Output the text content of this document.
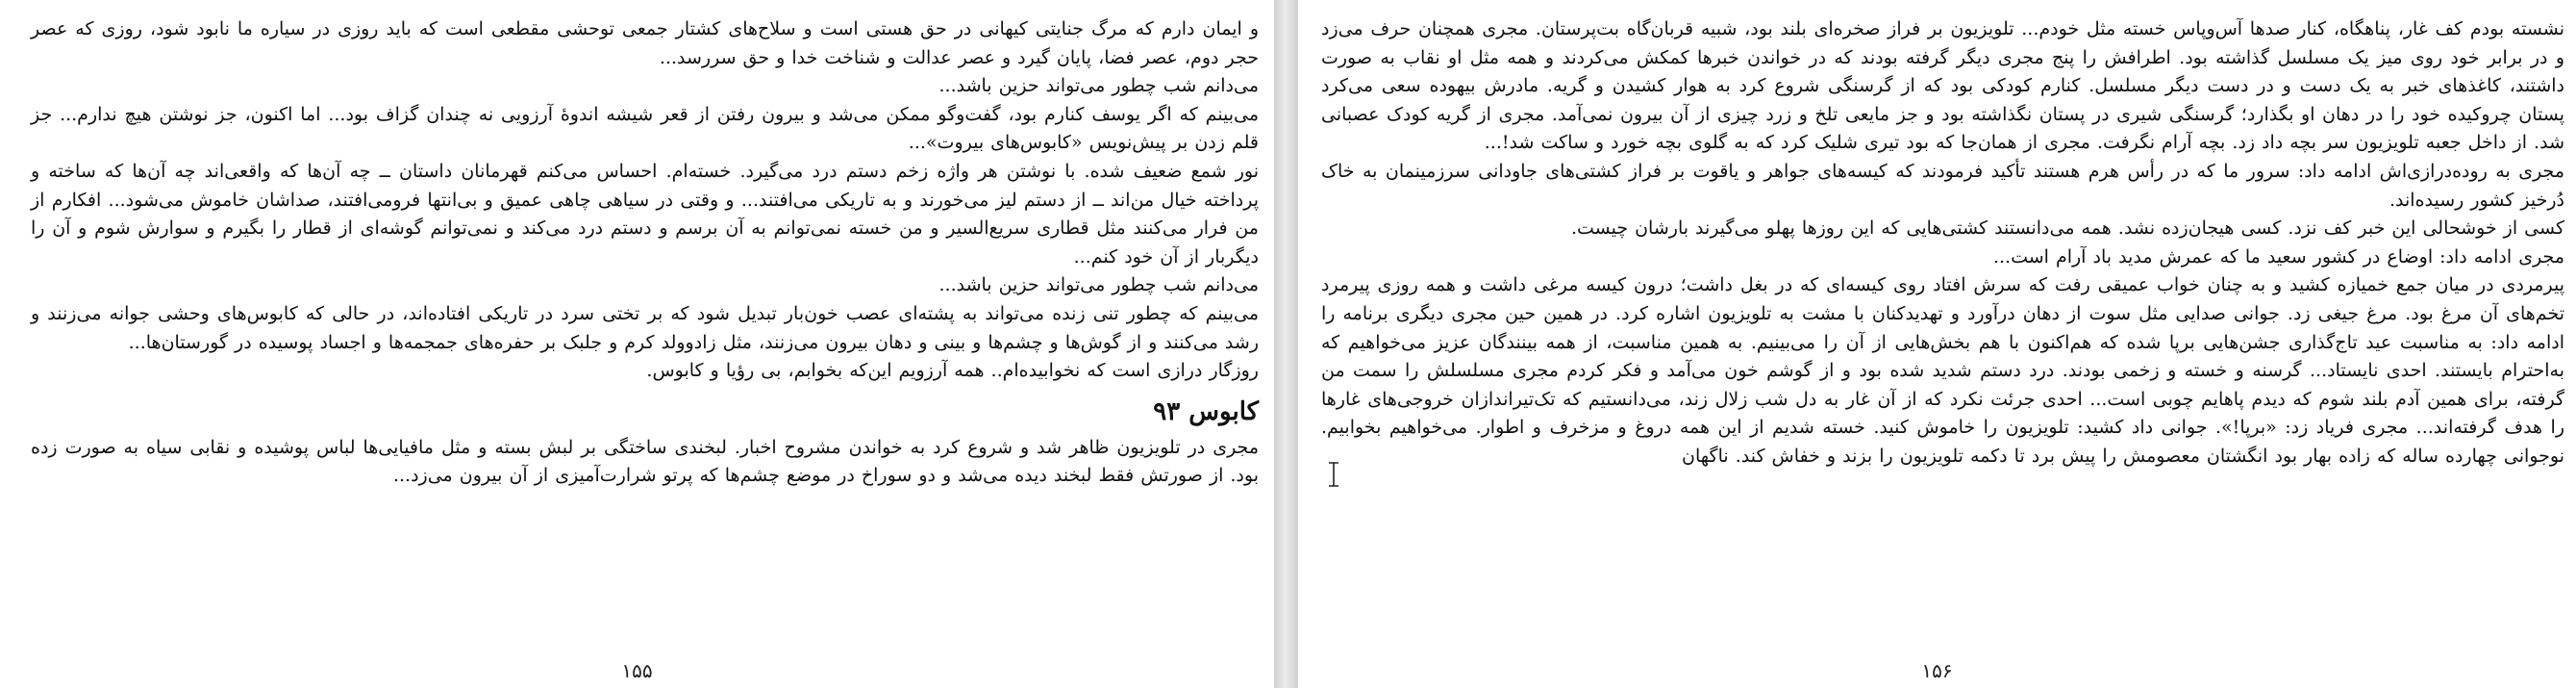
و ایمان دارم که مرگ جنایتی کیهانی در حق هستی است و سلاح‌های کشتار جمعی توحشی مقطعی است که باید روزی در سیاره ما نابود شود، روزی که عصر حجر دوم، عصر فضا، پایان گیرد و عصر عدالت و شناخت خدا و حق سررسد...

می‌دانم شب چطور می‌تواند حزین باشد...

می‌بینم که اگر یوسف کنارم بود، گفت‌وگو ممکن می‌شد و بیرون رفتن از قعر شیشه اندوهٔ آرزویی نه چندان گزاف بود... اما اکنون، جز نوشتن هیچ ندارم... جز قلم زدن بر پیش‌نویس «کابوس‌های بیروت»...

نور شمع ضعیف شده. با نوشتن هر واژه زخم دستم درد می‌گیرد. خسته‌ام. احساس می‌کنم قهرمانان داستان ــ چه آن‌ها که واقعی‌اند چه آن‌ها که ساخته و پرداخته خیال من‌اند ــ از دستم لیز می‌خورند و به تاریکی می‌افتند... و وقتی در سیاهی چاهی عمیق و بی‌انتها فرومی‌افتند، صداشان خاموش می‌شود... افکارم از من فرار می‌کنند مثل قطاری سریع‌السیر و من خسته نمی‌توانم به آن برسم و دستم درد می‌کند و نمی‌توانم گوشه‌ای از قطار را بگیرم و سوارش شوم و آن را دیگربار از آن خود کنم...

می‌دانم شب چطور می‌تواند حزین باشد...

می‌بینم که چطور تنی زنده می‌تواند به پشته‌ای عصب خون‌بار تبدیل شود که بر تختی سرد در تاریکی افتاده‌اند، در حالی که کابوس‌های وحشی جوانه می‌زنند و رشد می‌کنند و از گوش‌ها و چشم‌ها و بینی و دهان بیرون می‌زنند، مثل زادوولد کرم و جلبک بر حفره‌های جمجمه‌ها و اجساد پوسیده در گورستان‌ها...

روزگار درازی است که نخوابیده‌ام.. همه آرزویم این‌که بخوابم، بی رؤیا و کابوس.

کابوس ۹۳

مجری در تلویزیون ظاهر شد و شروع کرد به خواندن مشروح اخبار. لبخندی ساختگی بر لبش بسته و مثل مافیایی‌ها لباس پوشیده و نقابی سیاه به صورت زده بود. از صورتش فقط لبخند دیده می‌شد و دو سوراخ در موضع چشم‌ها که پرتو شرارت‌آمیزی از آن بیرون می‌زد...

۱۵۵

نشسته بودم کف غار، پناهگاه، کنار صدها آس‌وپاس خسته مثل خودم... تلویزیون بر فراز صخره‌ای بلند بود، شبیه قربان‌گاه بت‌پرستان. مجری همچنان حرف می‌زد و در برابر خود روی میز یک مسلسل گذاشته بود. اطرافش را پنج مجری دیگر گرفته بودند که در خواندن خبرها کمکش می‌کردند و همه مثل او نقاب به صورت داشتند، کاغذهای خبر به یک دست و در دست دیگر مسلسل. کنارم کودکی بود که از گرسنگی شروع کرد به هوار کشیدن و گریه. مادرش بیهوده سعی می‌کرد پستان چروکیده خود را در دهان او بگذارد؛ گرسنگی شیری در پستان نگذاشته بود و جز مایعی تلخ و زرد چیزی از آن بیرون نمی‌آمد. مجری از گریه کودک عصبانی شد. از داخل جعبه تلویزیون سر بچه داد زد. بچه آرام نگرفت. مجری از همان‌جا که بود تیری شلیک کرد که به گلوی بچه خورد و ساکت شد!...

مجری به روده‌درازی‌اش ادامه داد: سرور ما که در رأس هرم هستند تأکید فرمودند که کیسه‌های جواهر و یاقوت بر فراز کشتی‌های جاودانی سرزمینمان به خاک دُرخیز کشور رسیده‌اند.

کسی از خوشحالی این خبر کف نزد. کسی هیجان‌زده نشد. همه می‌دانستند کشتی‌هایی که این روزها پهلو می‌گیرند بارشان چیست.

مجری ادامه داد: اوضاع در کشور سعید ما که عمرش مدید باد آرام است...

پیرمردی در میان جمع خمیازه کشید و به چنان خواب عمیقی رفت که سرش افتاد روی کیسه‌ای که در بغل داشت؛ درون کیسه مرغی داشت و همه روزی پیرمرد تخم‌های آن مرغ بود. مرغ جیغی زد. جوانی صدایی مثل سوت از دهان درآورد و تهدیدکنان با مشت به تلویزیون اشاره کرد. در همین حین مجری دیگری برنامه را ادامه داد: به مناسبت عید تاج‌گذاری جشن‌هایی برپا شده که هم‌اکنون با هم بخش‌هایی از آن را می‌بینیم. به همین مناسبت، از همه بینندگان عزیز می‌خواهیم که به‌احترام بایستند. احدی نایستاد... گرسنه و خسته و زخمی بودند. درد دستم شدید شده بود و از گوشم خون می‌آمد و فکر کردم مجری مسلسلش را سمت من گرفته، برای همین آدم بلند شوم که دیدم پاهایم چوبی است... احدی جرئت نکرد که از آن غار به دل شب زلال زند، می‌دانستیم که تک‌تیراندازان خروجی‌های غارها را هدف گرفته‌اند... مجری فریاد زد: «برپا!». جوانی داد کشید: تلویزیون را خاموش کنید. خسته شدیم از این همه دروغ و مزخرف و اطوار. می‌خواهیم بخوابیم. نوجوانی چهارده ساله که زاده بهار بود انگشتان معصومش را پیش برد تا دکمه تلویزیون را بزند و خفاش کند. ناگهان

۱۵۶
